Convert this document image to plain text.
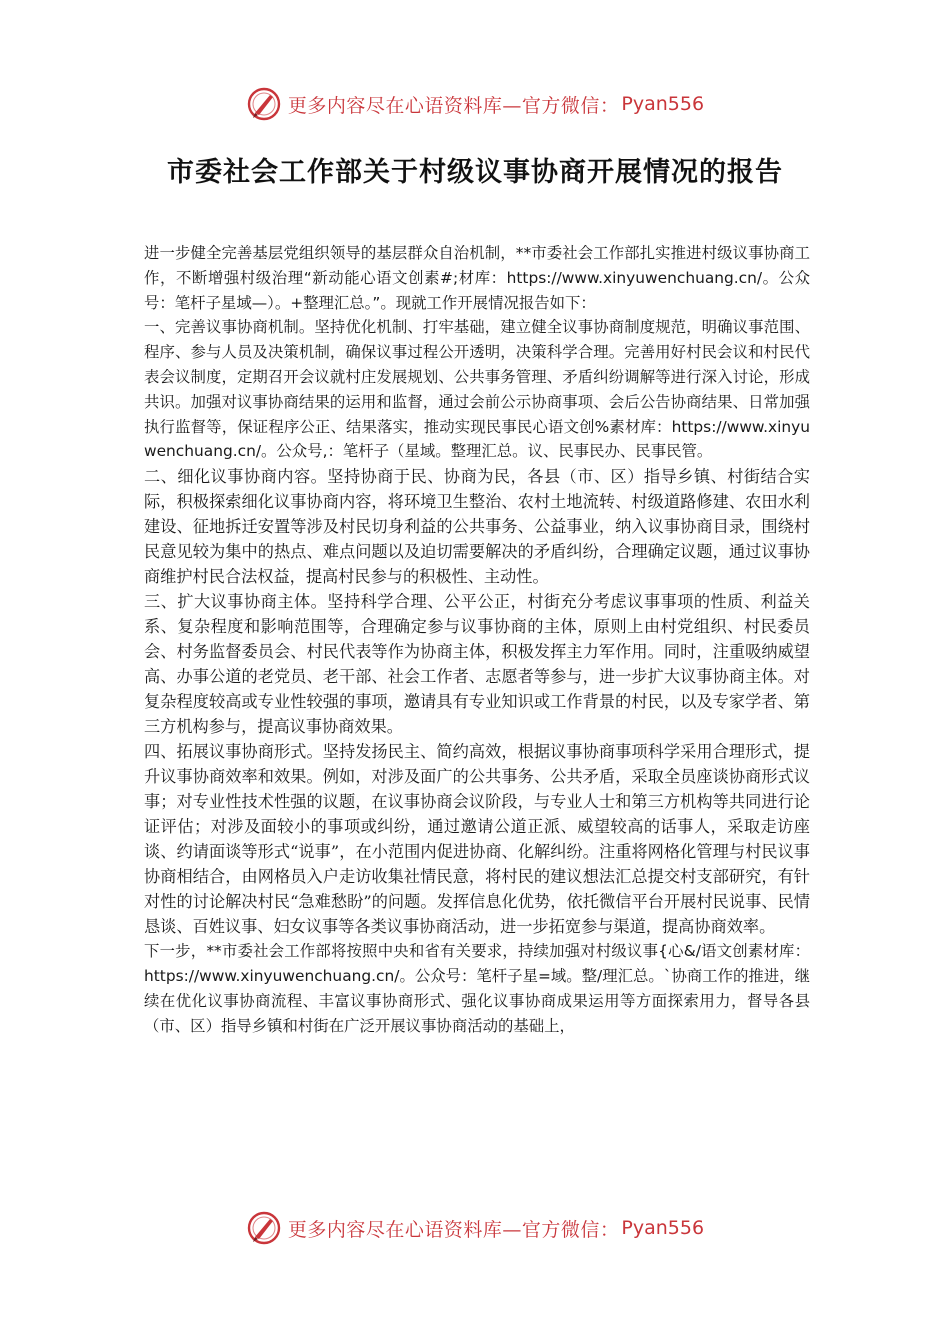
更多内容尽在心语资料库—官方微信： Pyan556
市委社会工作部关于村级议事协商开展情况的报告

进一步健全完善基层党组织领导的基层群众自治机制，**市委社会工作部扎实推进村级议事协商工作，不断增强村级治理“新动能心语文创素#;材库：https://www.xinyuwenchuang.cn/。公众号：笔杆子星域—）。+整理汇总。”。现就工作开展情况报告如下：

一、完善议事协商机制。坚持优化机制、打牢基础，建立健全议事协商制度规范，明确议事范围、程序、参与人员及决策机制，确保议事过程公开透明，决策科学合理。完善用好村民会议和村民代表会议制度，定期召开会议就村庄发展规划、公共事务管理、矛盾纠纷调解等进行深入讨论，形成共识。加强对议事协商结果的运用和监督，通过会前公示协商事项、会后公告协商结果、日常加强执行监督等，保证程序公正、结果落实，推动实现民事民心语文创%素材库：https://www.xinyuwenchuang.cn/。公众号,：笔杆子（星域。整理汇总。议、民事民办、民事民管。

二、细化议事协商内容。坚持协商于民、协商为民，各县（市、区）指导乡镇、村街结合实际，积极探索细化议事协商内容，将环境卫生整治、农村土地流转、村级道路修建、农田水利建设、征地拆迁安置等涉及村民切身利益的公共事务、公益事业，纳入议事协商目录，围绕村民意见较为集中的热点、难点问题以及迫切需要解决的矛盾纠纷，合理确定议题，通过议事协商维护村民合法权益，提高村民参与的积极性、主动性。

三、扩大议事协商主体。坚持科学合理、公平公正，村街充分考虑议事事项的性质、利益关系、复杂程度和影响范围等，合理确定参与议事协商的主体，原则上由村党组织、村民委员会、村务监督委员会、村民代表等作为协商主体，积极发挥主力军作用。同时，注重吸纳威望高、办事公道的老党员、老干部、社会工作者、志愿者等参与，进一步扩大议事协商主体。对复杂程度较高或专业性较强的事项，邀请具有专业知识或工作背景的村民，以及专家学者、第三方机构参与，提高议事协商效果。

四、拓展议事协商形式。坚持发扬民主、简约高效，根据议事协商事项科学采用合理形式，提升议事协商效率和效果。例如，对涉及面广的公共事务、公共矛盾，采取全员座谈协商形式议事；对专业性技术性强的议题，在议事协商会议阶段，与专业人士和第三方机构等共同进行论证评估；对涉及面较小的事项或纠纷，通过邀请公道正派、威望较高的话事人，采取走访座谈、约请面谈等形式“说事”，在小范围内促进协商、化解纠纷。注重将网格化管理与村民议事协商相结合，由网格员入户走访收集社情民意，将村民的建议想法汇总提交村支部研究，有针对性的讨论解决村民“急难愁盼”的问题。发挥信息化优势，依托微信平台开展村民说事、民情恳谈、百姓议事、妇女议事等各类议事协商活动，进一步拓宽参与渠道，提高协商效率。

下一步，**市委社会工作部将按照中央和省有关要求，持续加强对村级议事{心&/语文创素材库：https://www.xinyuwenchuang.cn/。公众号：笔杆子星=域。整/理汇总。`协商工作的推进，继续在优化议事协商流程、丰富议事协商形式、强化议事协商成果运用等方面探索用力，督导各县（市、区）指导乡镇和村街在广泛开展议事协商活动的基础上，

更多内容尽在心语资料库—官方微信： Pyan556
